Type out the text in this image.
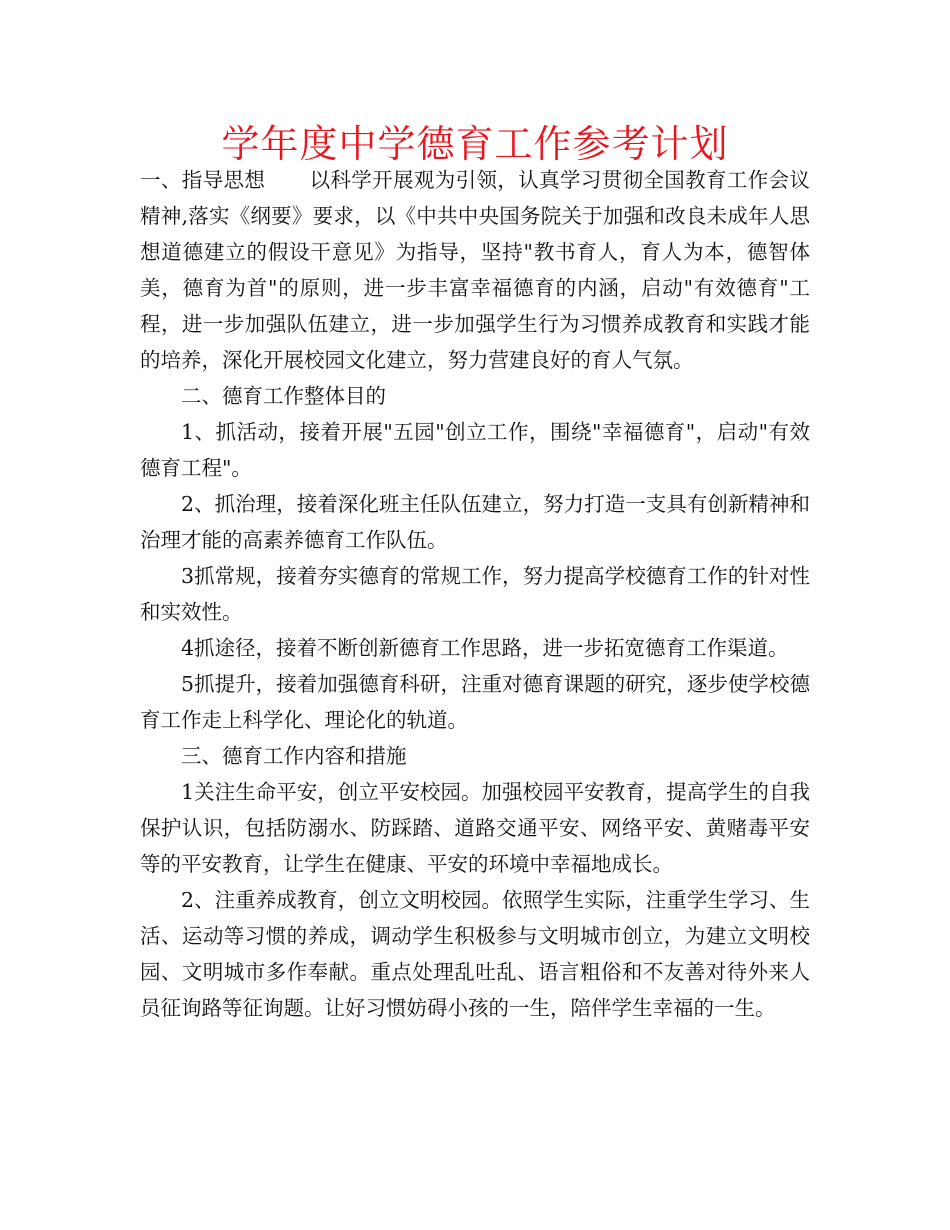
学年度中学德育工作参考计划

一、指导思想 以科学开展观为引领，认真学习贯彻全国教育工作会议精神,落实《纲要》要求，以《中共中央国务院关于加强和改良未成年人思想道德建立的假设干意见》为指导，坚持"教书育人，育人为本，德智体美，德育为首"的原则，进一步丰富幸福德育的内涵，启动"有效德育"工程，进一步加强队伍建立，进一步加强学生行为习惯养成教育和实践才能的培养，深化开展校园文化建立，努力营建良好的育人气氛。

二、德育工作整体目的

1、抓活动，接着开展"五园"创立工作，围绕"幸福德育"，启动"有效德育工程"。

2、抓治理，接着深化班主任队伍建立，努力打造一支具有创新精神和治理才能的高素养德育工作队伍。

3抓常规，接着夯实德育的常规工作，努力提高学校德育工作的针对性和实效性。

4抓途径，接着不断创新德育工作思路，进一步拓宽德育工作渠道。

5抓提升，接着加强德育科研，注重对德育课题的研究，逐步使学校德育工作走上科学化、理论化的轨道。

三、德育工作内容和措施

1关注生命平安，创立平安校园。加强校园平安教育，提高学生的自我保护认识，包括防溺水、防踩踏、道路交通平安、网络平安、黄赌毒平安等的平安教育，让学生在健康、平安的环境中幸福地成长。

2、注重养成教育，创立文明校园。依照学生实际，注重学生学习、生活、运动等习惯的养成，调动学生积极参与文明城市创立，为建立文明校园、文明城市多作奉献。重点处理乱吐乱、语言粗俗和不友善对待外来人员征询路等征询题。让好习惯妨碍小孩的一生，陪伴学生幸福的一生。
